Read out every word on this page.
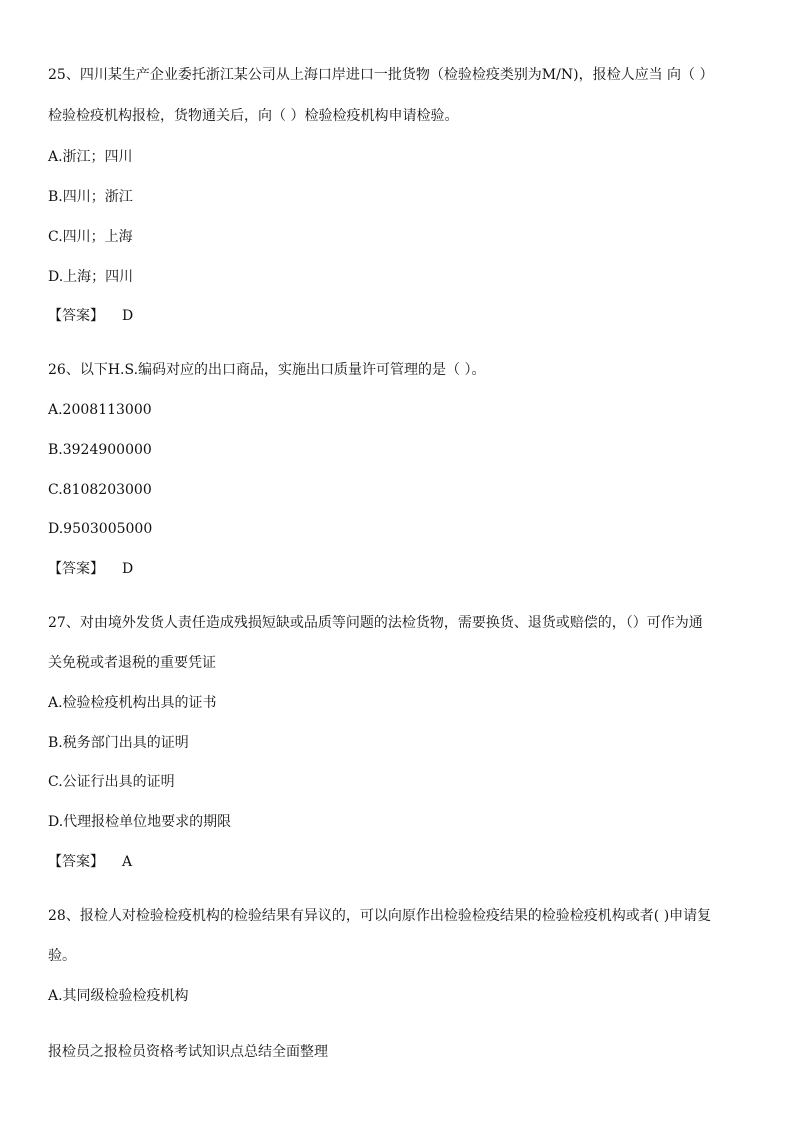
25、四川某生产企业委托浙江某公司从上海口岸进口一批货物（检验检疫类别为M/N)，报检人应当 向（ ）
检验检疫机构报检，货物通关后，向（ ）检验检疫机构申请检验。
A.浙江；四川
B.四川；浙江
C.四川；上海
D.上海；四川
【答案】 D
26、以下H.S.编码对应的出口商品，实施出口质量许可管理的是（ ）。
A.2008113000
B.3924900000
C.8108203000
D.9503005000
【答案】 D
27、对由境外发货人责任造成残损短缺或品质等问题的法检货物，需要换货、退货或赔偿的，（）可作为通
关免税或者退税的重要凭证
A.检验检疫机构出具的证书
B.税务部门出具的证明
C.公证行出具的证明
D.代理报检单位地要求的期限
【答案】 A
28、报检人对检验检疫机构的检验结果有异议的，可以向原作出检验检疫结果的检验检疫机构或者( )申请复
验。
A.其同级检验检疫机构
报检员之报检员资格考试知识点总结全面整理
